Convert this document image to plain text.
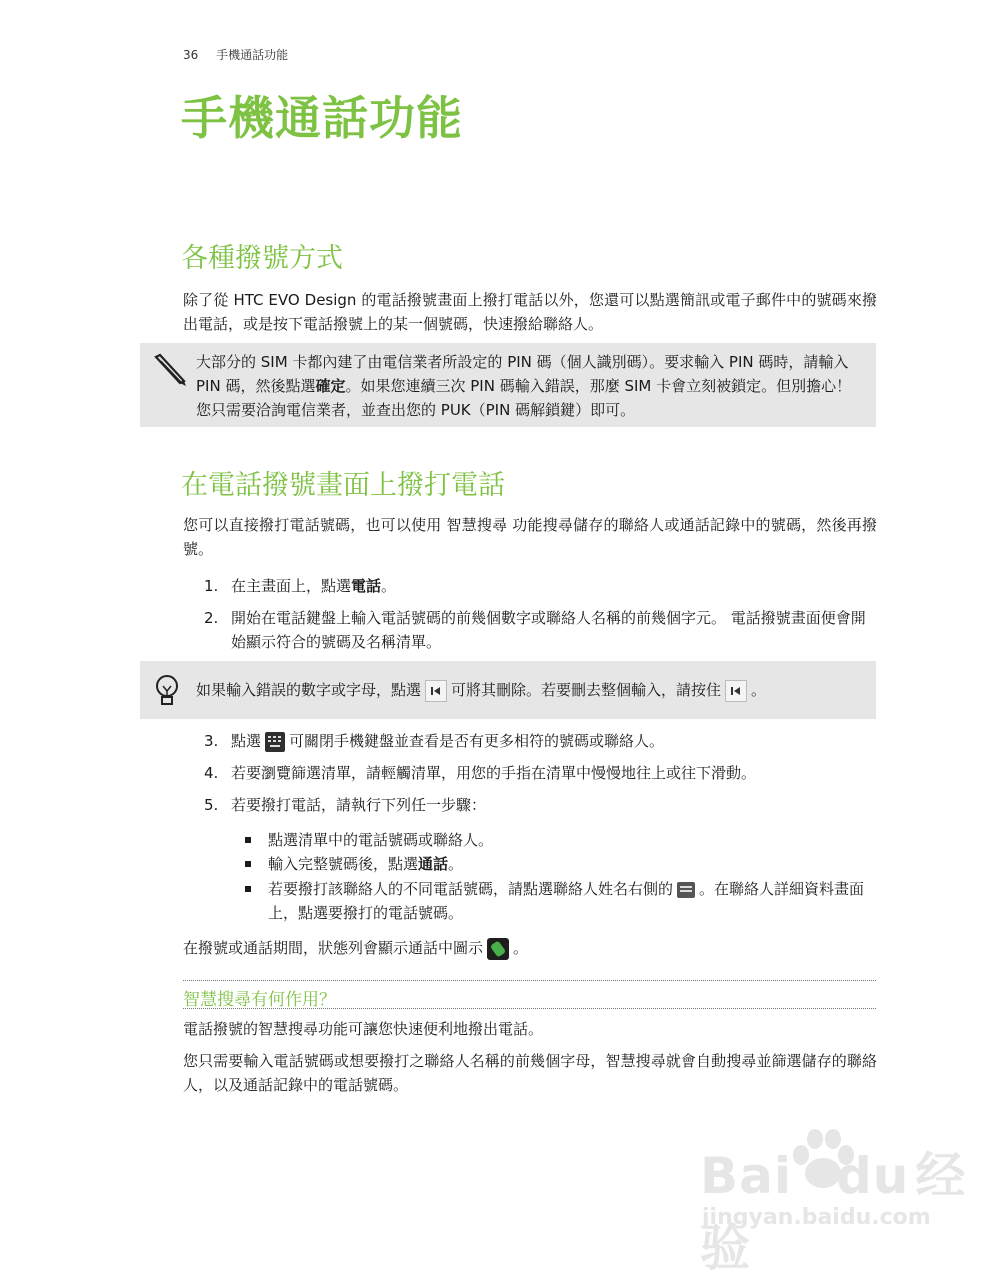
36 手機通話功能
手機通話功能
各種撥號方式
除了從 HTC EVO Design 的電話撥號畫面上撥打電話以外，您還可以點選簡訊或電子郵件中的號碼來撥出電話，或是按下電話撥號上的某一個號碼，快速撥給聯絡人。
大部分的 SIM 卡都內建了由電信業者所設定的 PIN 碼（個人識別碼）。要求輸入 PIN 碼時，請輸入 PIN 碼，然後點選確定。如果您連續三次 PIN 碼輸入錯誤，那麼 SIM 卡會立刻被鎖定。但別擔心！您只需要洽詢電信業者，並查出您的 PUK（PIN 碼解鎖鍵）即可。
在電話撥號畫面上撥打電話
您可以直接撥打電話號碼，也可以使用 智慧搜尋 功能搜尋儲存的聯絡人或通話記錄中的號碼，然後再撥號。
1. 在主畫面上，點選電話。
2. 開始在電話鍵盤上輸入電話號碼的前幾個數字或聯絡人名稱的前幾個字元。 電話撥號畫面便會開始顯示符合的號碼及名稱清單。
如果輸入錯誤的數字或字母，點選 可將其刪除。若要刪去整個輸入，請按住 。
3. 點選 可關閉手機鍵盤並查看是否有更多相符的號碼或聯絡人。
4. 若要瀏覽篩選清單，請輕觸清單，用您的手指在清單中慢慢地往上或往下滑動。
5. 若要撥打電話，請執行下列任一步驟：
點選清單中的電話號碼或聯絡人。
輸入完整號碼後，點選通話。
若要撥打該聯絡人的不同電話號碼，請點選聯絡人姓名右側的 。在聯絡人詳細資料畫面上，點選要撥打的電話號碼。
在撥號或通話期間，狀態列會顯示通話中圖示 。
智慧搜尋有何作用？
電話撥號的智慧搜尋功能可讓您快速便利地撥出電話。
您只需要輸入電話號碼或想要撥打之聯絡人名稱的前幾個字母，智慧搜尋就會自動搜尋並篩選儲存的聯絡人，以及通話記錄中的電話號碼。
Bai du 经验
jingyan.baidu.com
